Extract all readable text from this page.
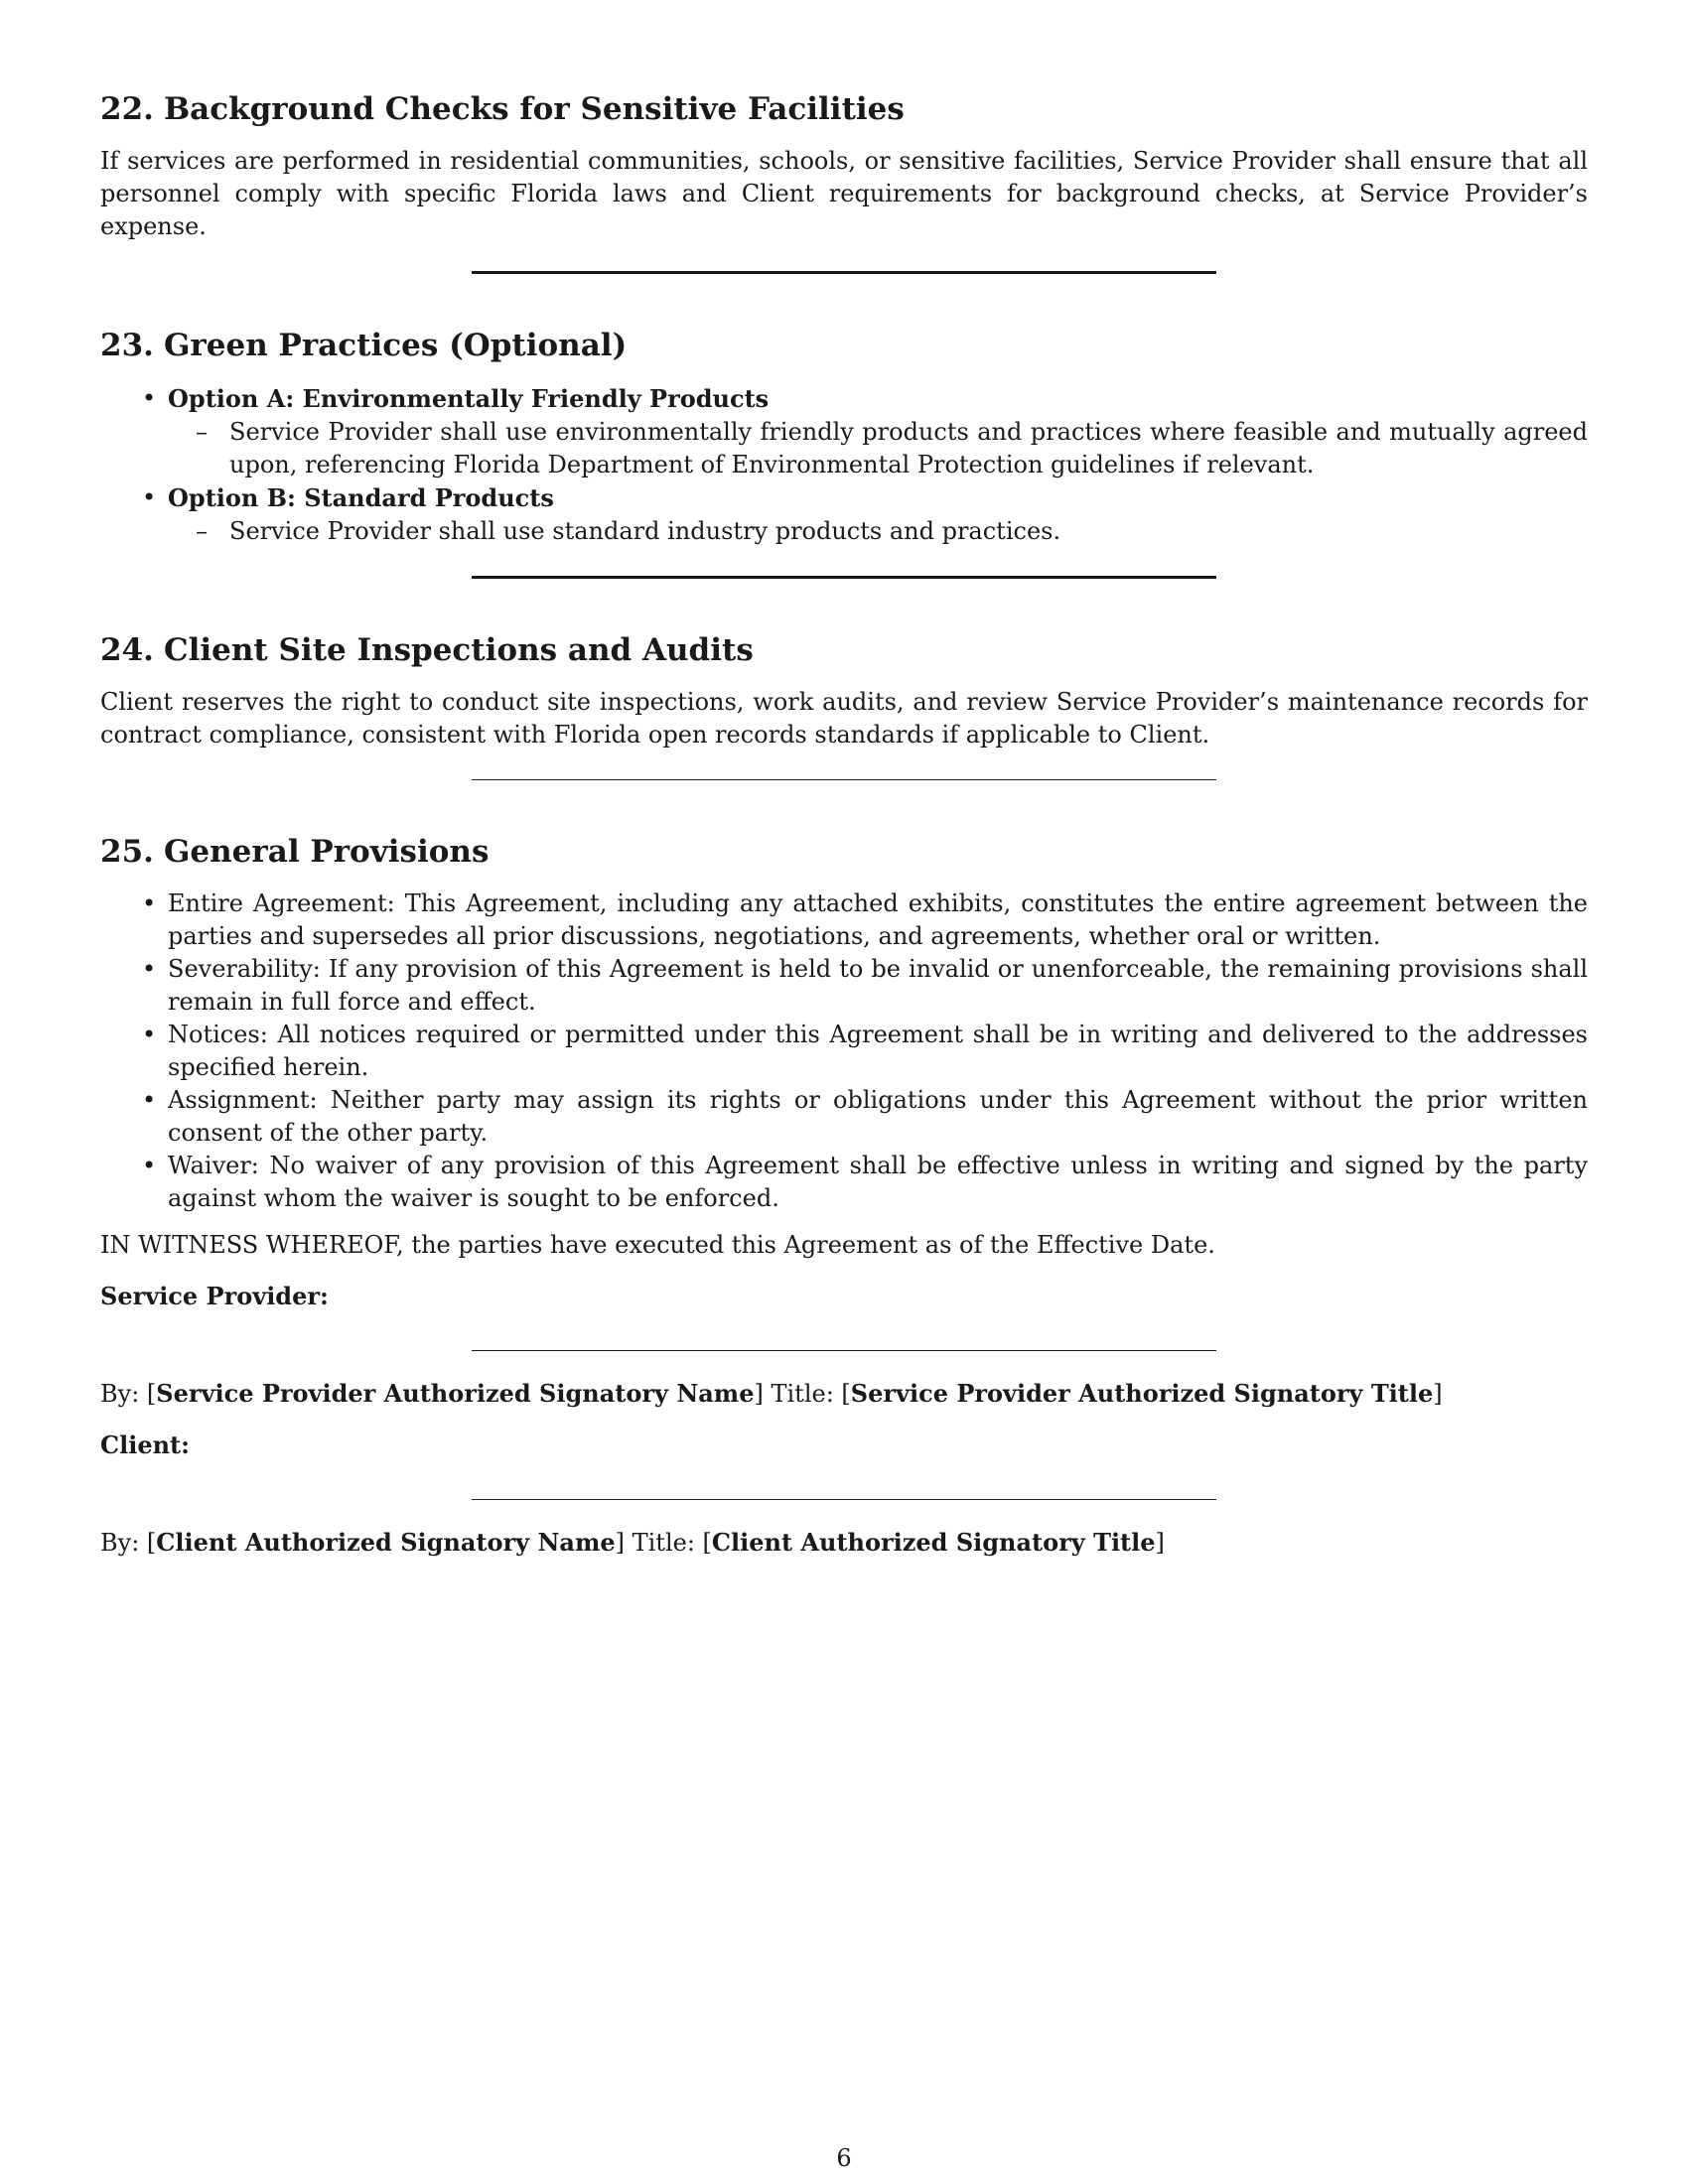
22. Background Checks for Sensitive Facilities

If services are performed in residential communities, schools, or sensitive facilities, Service Provider shall ensure that all personnel comply with specific Florida laws and Client requirements for background checks, at Service Provider’s expense.

23. Green Practices (Optional)
• Option A: Environmentally Friendly Products
– Service Provider shall use environmentally friendly products and practices where feasible and mutually agreed upon, referencing Florida Department of Environmental Protection guidelines if relevant.
• Option B: Standard Products
– Service Provider shall use standard industry products and practices.
24. Client Site Inspections and Audits

Client reserves the right to conduct site inspections, work audits, and review Service Provider’s maintenance records for contract compliance, consistent with Florida open records standards if applicable to Client.

25. General Provisions
• Entire Agreement: This Agreement, including any attached exhibits, constitutes the entire agreement between the parties and supersedes all prior discussions, negotiations, and agreements, whether oral or written.
• Severability: If any provision of this Agreement is held to be invalid or unenforceable, the remaining provisions shall remain in full force and effect.
• Notices: All notices required or permitted under this Agreement shall be in writing and delivered to the addresses specified herein.
• Assignment: Neither party may assign its rights or obligations under this Agreement without the prior written consent of the other party.
• Waiver: No waiver of any provision of this Agreement shall be effective unless in writing and signed by the party against whom the waiver is sought to be enforced.

IN WITNESS WHEREOF, the parties have executed this Agreement as of the Effective Date.

Service Provider:
By: [Service Provider Authorized Signatory Name] Title: [Service Provider Authorized Signatory Title]
Client:
By: [Client Authorized Signatory Name] Title: [Client Authorized Signatory Title]
6
